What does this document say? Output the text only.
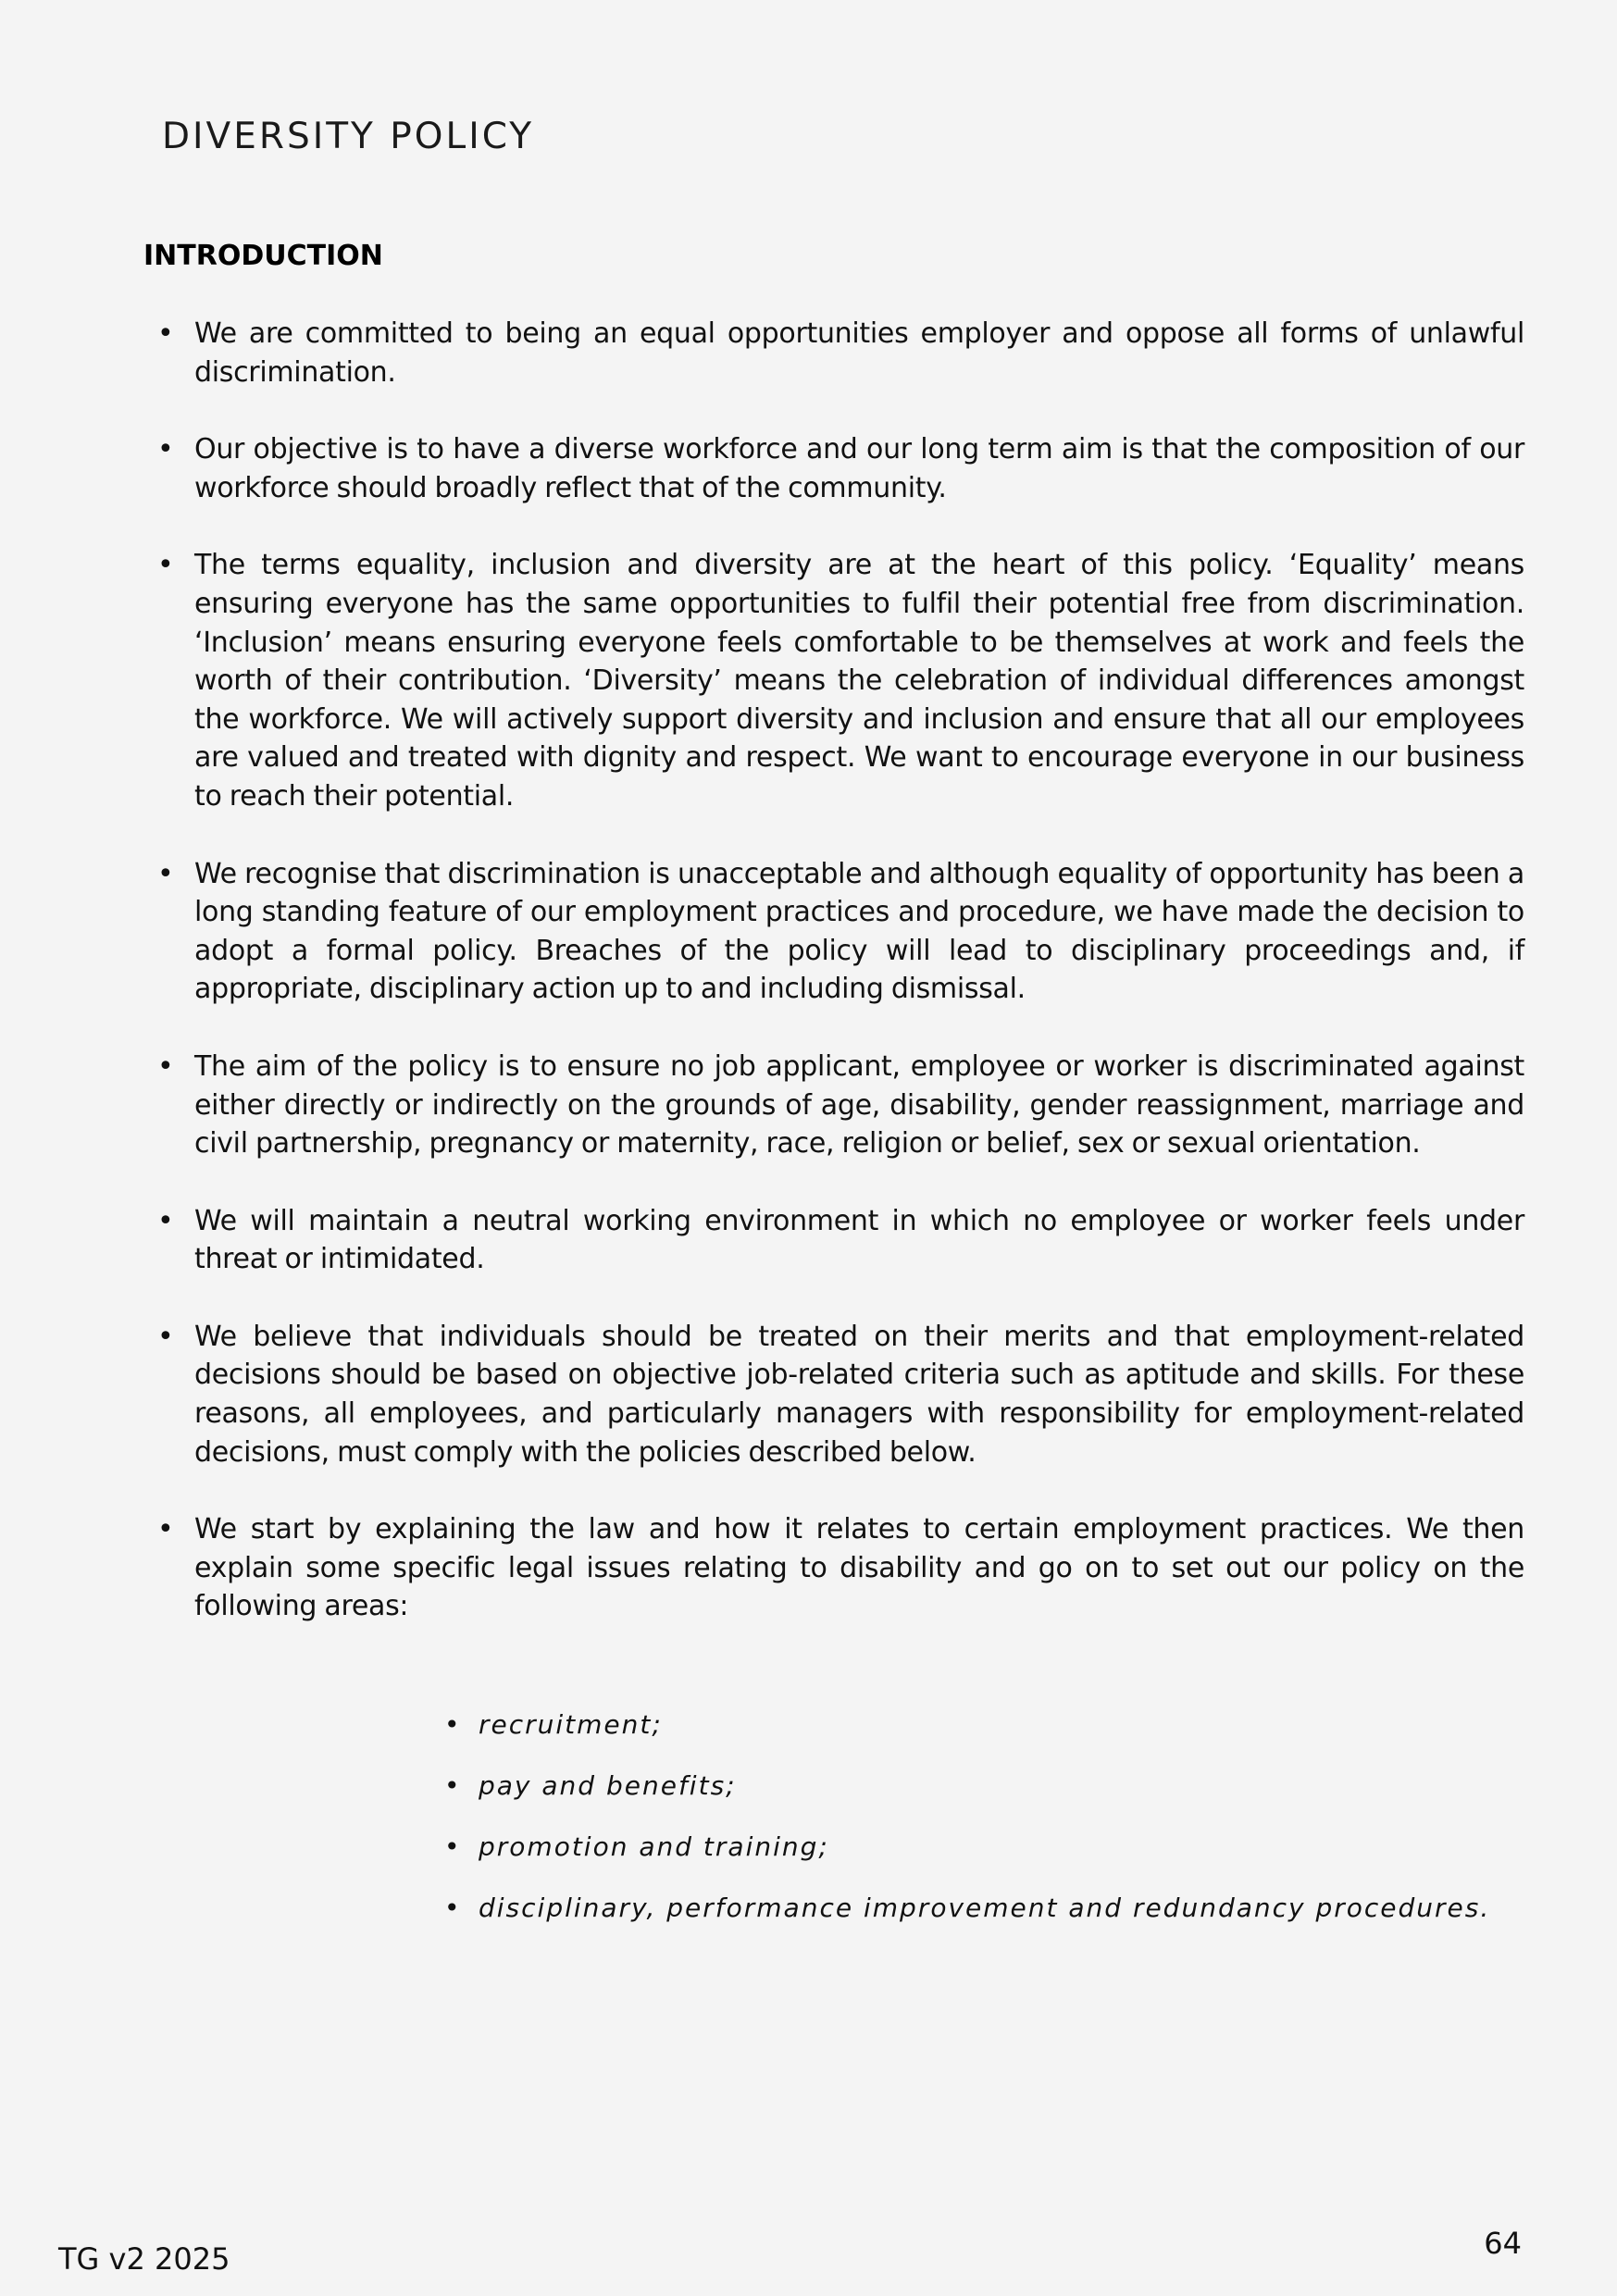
DIVERSITY POLICY
INTRODUCTION
• We are committed to being an equal opportunities employer and oppose all forms of unlawful discrimination.
• Our objective is to have a diverse workforce and our long term aim is that the composition of our workforce should broadly reflect that of the community.
• The terms equality, inclusion and diversity are at the heart of this policy. ‘Equality’ means ensuring everyone has the same opportunities to fulfil their potential free from discrimination. ‘Inclusion’ means ensuring everyone feels comfortable to be themselves at work and feels the worth of their contribution. ‘Diversity’ means the celebration of individual differences amongst the workforce. We will actively support diversity and inclusion and ensure that all our employees are valued and treated with dignity and respect. We want to encourage everyone in our business to reach their potential.
• We recognise that discrimination is unacceptable and although equality of opportunity has been a long standing feature of our employment practices and procedure, we have made the decision to adopt a formal policy. Breaches of the policy will lead to disciplinary proceedings and, if appropriate, disciplinary action up to and including dismissal.
• The aim of the policy is to ensure no job applicant, employee or worker is discriminated against either directly or indirectly on the grounds of age, disability, gender reassignment, marriage and civil partnership, pregnancy or maternity, race, religion or belief, sex or sexual orientation.
• We will maintain a neutral working environment in which no employee or worker feels under threat or intimidated.
• We believe that individuals should be treated on their merits and that employment-related decisions should be based on objective job-related criteria such as aptitude and skills. For these reasons, all employees, and particularly managers with responsibility for employment-related decisions, must comply with the policies described below.
• We start by explaining the law and how it relates to certain employment practices. We then explain some specific legal issues relating to disability and go on to set out our policy on the following areas:
• recruitment;
• pay and benefits;
• promotion and training;
• disciplinary, performance improvement and redundancy procedures.
TG v2 2025	64
